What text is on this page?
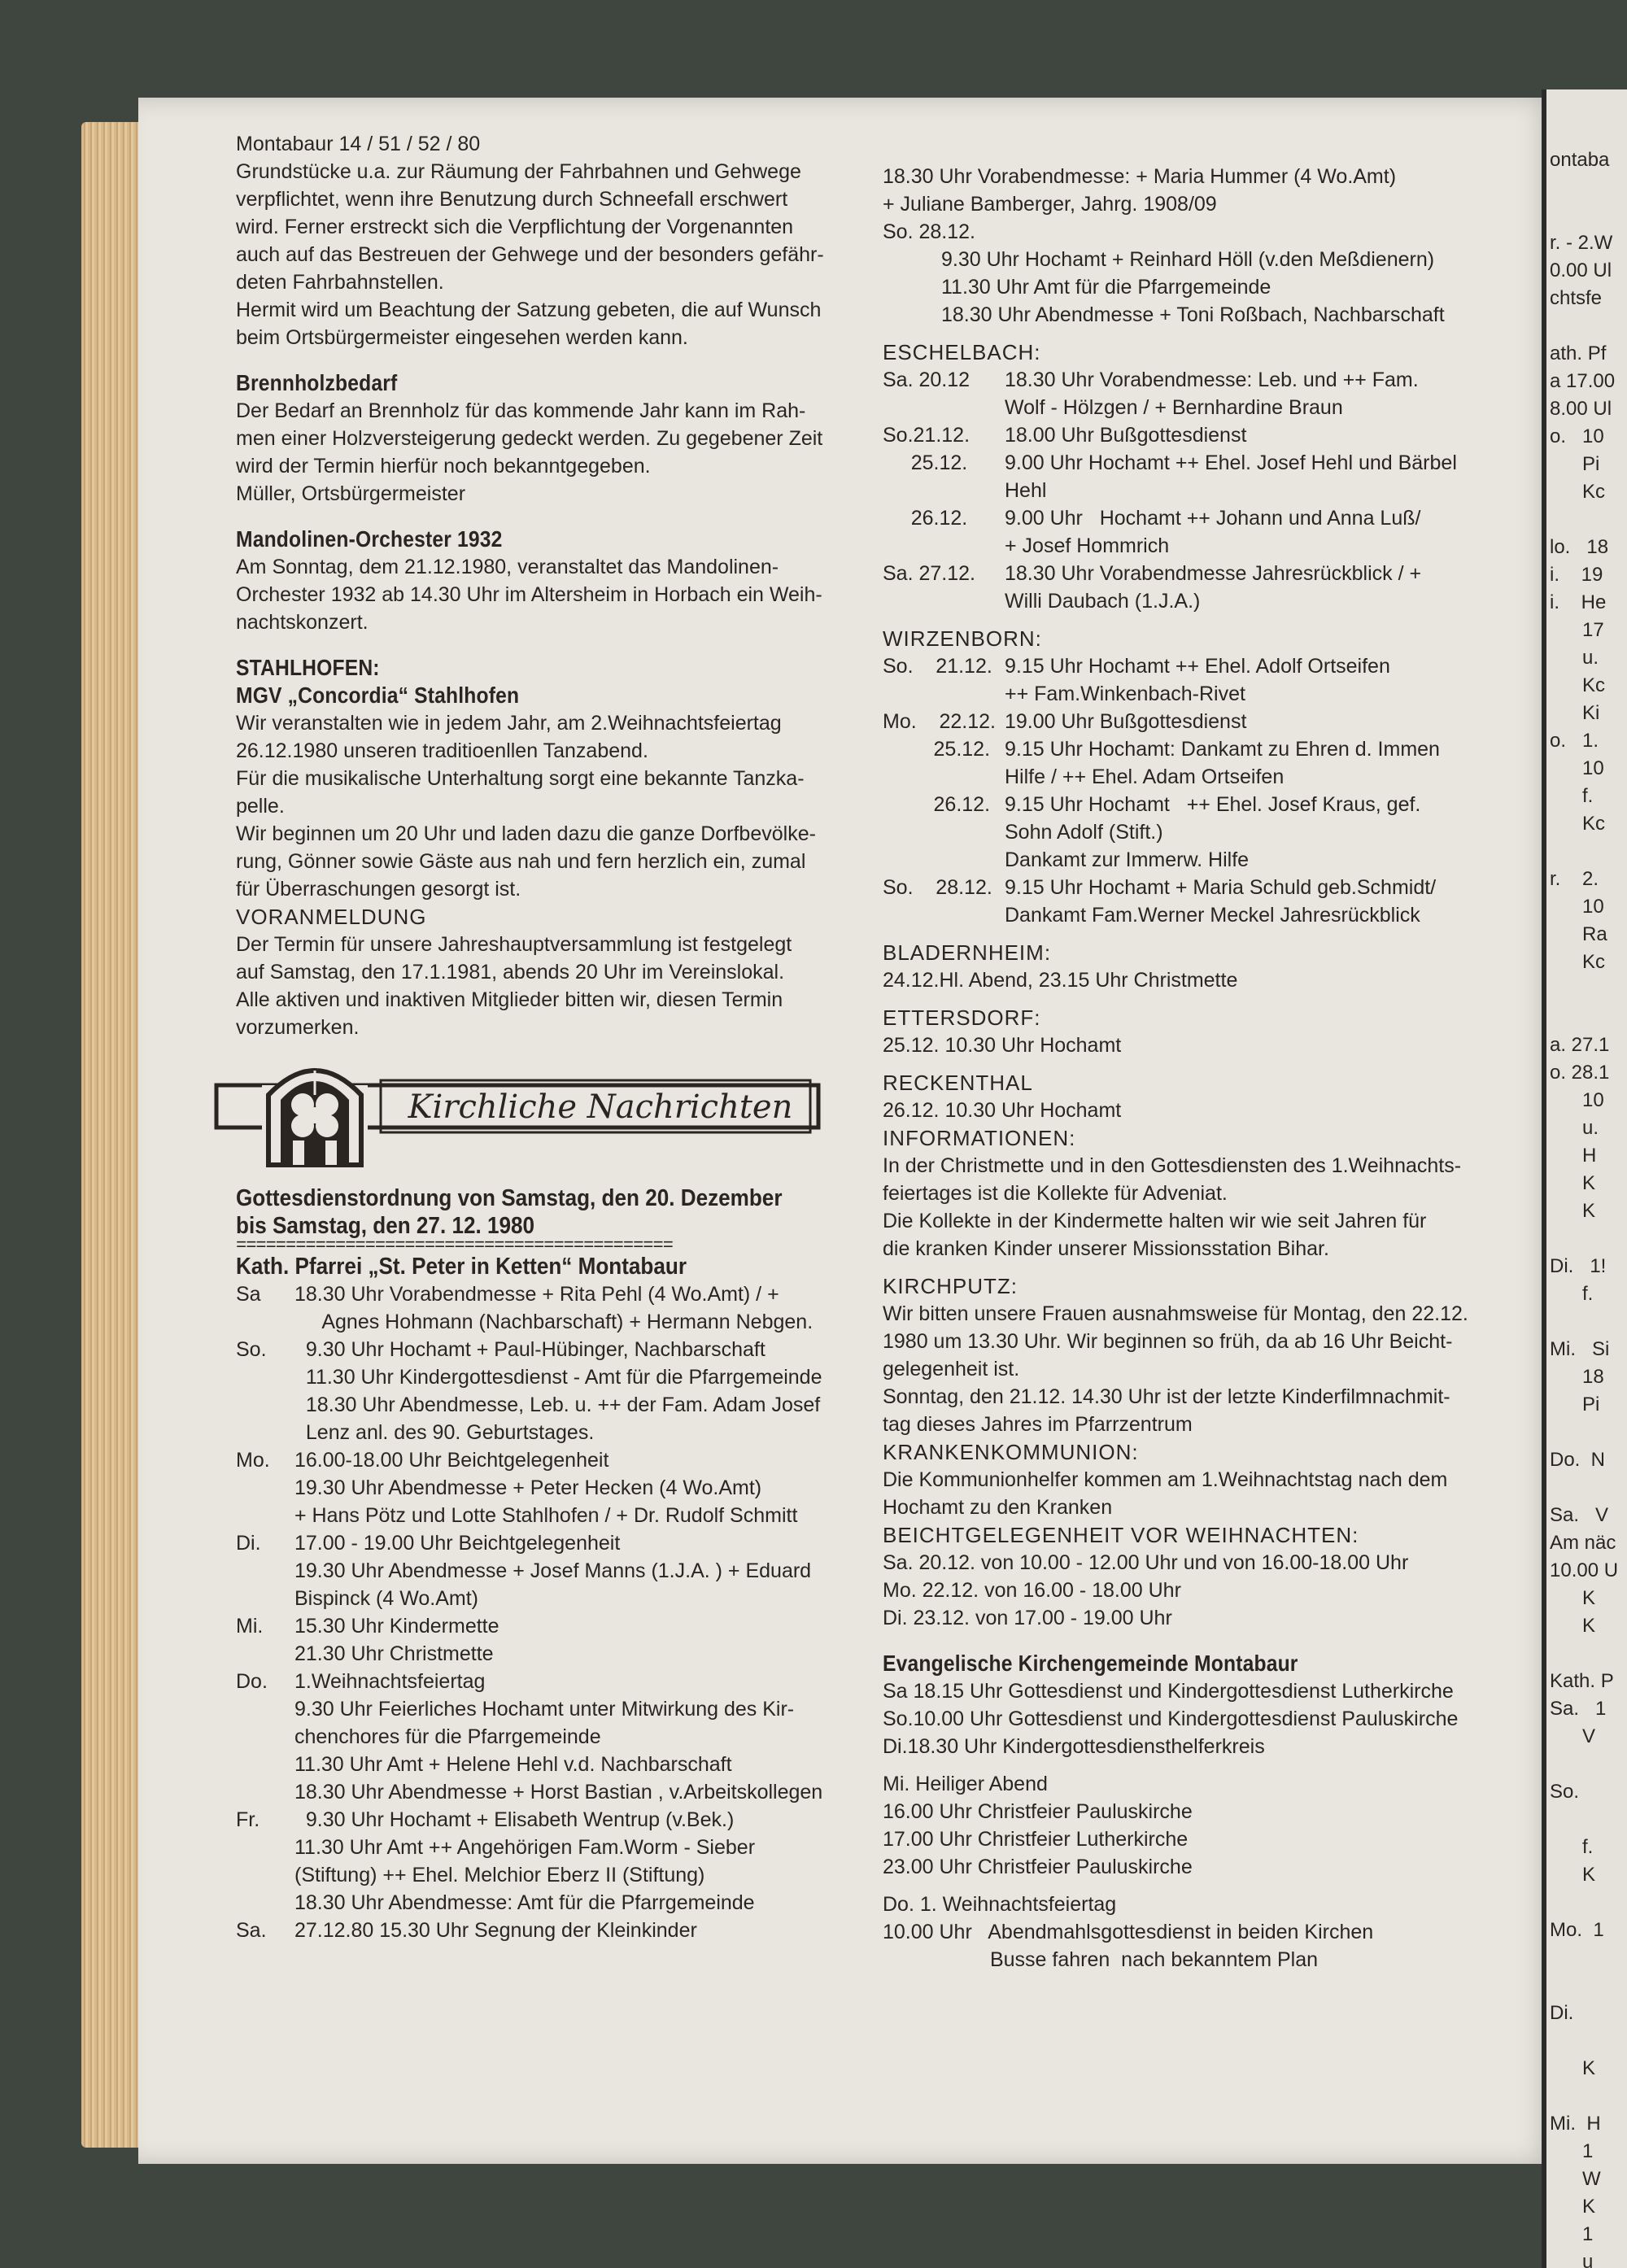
Montabaur 14 / 51 / 52 / 80

Grundstücke u.a. zur Räumung der Fahrbahnen und Gehwege

verpflichtet, wenn ihre Benutzung durch Schneefall erschwert

wird. Ferner erstreckt sich die Verpflichtung der Vorgenannten

auch auf das Bestreuen der Gehwege und der besonders gefähr-

deten Fahrbahnstellen.

Hermit wird um Beachtung der Satzung gebeten, die auf Wunsch

beim Ortsbürgermeister eingesehen werden kann.

Brennholzbedarf

Der Bedarf an Brennholz für das kommende Jahr kann im Rah-

men einer Holzversteigerung gedeckt werden. Zu gegebener Zeit

wird der Termin hierfür noch bekanntgegeben.

Müller, Ortsbürgermeister

Mandolinen-Orchester 1932

Am Sonntag, dem 21.12.1980, veranstaltet das Mandolinen-

Orchester 1932 ab 14.30 Uhr im Altersheim in Horbach ein Weih-

nachtskonzert.

STAHLHOFEN:
MGV „Concordia“ Stahlhofen

Wir veranstalten wie in jedem Jahr, am 2.Weihnachtsfeiertag

26.12.1980 unseren traditioenllen Tanzabend.

Für die musikalische Unterhaltung sorgt eine bekannte Tanzka-

pelle.

Wir beginnen um 20 Uhr und laden dazu die ganze Dorfbevölke-

rung, Gönner sowie Gäste aus nah und fern herzlich ein, zumal

für Überraschungen gesorgt ist.

VORANMELDUNG

Der Termin für unsere Jahreshauptversammlung ist festgelegt

auf Samstag, den 17.1.1981, abends 20 Uhr im Vereinslokal.

Alle aktiven und inaktiven Mitglieder bitten wir, diesen Termin

vorzumerken.

Kirchliche Nachrichten
Gottesdienstordnung von Samstag, den 20. Dezember
bis Samstag, den 27. 12. 1980
============================================
Kath. Pfarrei „St. Peter in Ketten“ Montabaur
Sa	18.30 Uhr Vorabendmesse + Rita Pehl (4 Wo.Amt) / +
Agnes Hohmann (Nachbarschaft) + Hermann Nebgen.
So.	9.30 Uhr Hochamt + Paul-Hübinger, Nachbarschaft
11.30 Uhr Kindergottesdienst - Amt für die Pfarrgemeinde
18.30 Uhr Abendmesse, Leb. u. ++ der Fam. Adam Josef
Lenz anl. des 90. Geburtstages.
Mo.	16.00-18.00 Uhr Beichtgelegenheit
19.30 Uhr Abendmesse + Peter Hecken (4 Wo.Amt)
+ Hans Pötz und Lotte Stahlhofen / + Dr. Rudolf Schmitt
Di.	17.00 - 19.00 Uhr Beichtgelegenheit
19.30 Uhr Abendmesse + Josef Manns (1.J.A. ) + Eduard
Bispinck (4 Wo.Amt)
Mi.	15.30 Uhr Kindermette
21.30 Uhr Christmette
Do.	1.Weihnachtsfeiertag
9.30 Uhr Feierliches Hochamt unter Mitwirkung des Kir-
chenchores für die Pfarrgemeinde
11.30 Uhr Amt + Helene Hehl v.d. Nachbarschaft
18.30 Uhr Abendmesse + Horst Bastian , v.Arbeitskollegen
Fr.	9.30 Uhr Hochamt + Elisabeth Wentrup (v.Bek.)
11.30 Uhr Amt ++ Angehörigen Fam.Worm - Sieber
(Stiftung) ++ Ehel. Melchior Eberz II (Stiftung)
18.30 Uhr Abendmesse: Amt für die Pfarrgemeinde
Sa.	27.12.80 15.30 Uhr Segnung der Kleinkinder

18.30 Uhr Vorabendmesse: + Maria Hummer (4 Wo.Amt)

+ Juliane Bamberger, Jahrg. 1908/09

So. 28.12.

9.30 Uhr Hochamt + Reinhard Höll (v.den Meßdienern)

11.30 Uhr Amt für die Pfarrgemeinde

18.30 Uhr Abendmesse + Toni Roßbach, Nachbarschaft

ESCHELBACH:

Sa. 20.12	18.30 Uhr Vorabendmesse: Leb. und ++ Fam.
Wolf - Hölzgen / + Bernhardine Braun
So.21.12.	18.00 Uhr Bußgottesdienst
25.12.	9.00 Uhr Hochamt ++ Ehel. Josef Hehl und Bärbel
Hehl
26.12.	9.00 Uhr   Hochamt ++ Johann und Anna Luß/
+ Josef Hommrich
Sa. 27.12.	18.30 Uhr Vorabendmesse Jahresrückblick / +
Willi Daubach (1.J.A.)

WIRZENBORN:

So.    21.12. 9.15 Uhr Hochamt ++ Ehel. Adolf Ortseifen
++ Fam.Winkenbach-Rivet
Mo.    22.12. 19.00 Uhr Bußgottesdienst
25.12. 9.15 Uhr Hochamt: Dankamt zu Ehren d. Immen
Hilfe / ++ Ehel. Adam Ortseifen
26.12. 9.15 Uhr Hochamt   ++ Ehel. Josef Kraus, gef.
Sohn Adolf (Stift.)
Dankamt zur Immerw. Hilfe
So.    28.12. 9.15 Uhr Hochamt + Maria Schuld geb.Schmidt/
Dankamt Fam.Werner Meckel Jahresrückblick

BLADERNHEIM:

24.12.Hl. Abend, 23.15 Uhr Christmette

ETTERSDORF:

25.12. 10.30 Uhr Hochamt

RECKENTHAL

26.12. 10.30 Uhr Hochamt

INFORMATIONEN:

In der Christmette und in den Gottesdiensten des 1.Weihnachts-

feiertages ist die Kollekte für Adveniat.

Die Kollekte in der Kindermette halten wir wie seit Jahren für

die kranken Kinder unserer Missionsstation Bihar.

KIRCHPUTZ:

Wir bitten unsere Frauen ausnahmsweise für Montag, den 22.12.

1980 um 13.30 Uhr. Wir beginnen so früh, da ab 16 Uhr Beicht-

gelegenheit ist.

Sonntag, den 21.12. 14.30 Uhr ist der letzte Kinderfilmnachmit-

tag dieses Jahres im Pfarrzentrum

KRANKENKOMMUNION:

Die Kommunionhelfer kommen am 1.Weihnachtstag nach dem

Hochamt zu den Kranken

BEICHTGELEGENHEIT VOR WEIHNACHTEN:

Sa. 20.12. von 10.00 - 12.00 Uhr und von 16.00-18.00 Uhr

Mo. 22.12. von 16.00 - 18.00 Uhr

Di. 23.12. von 17.00 - 19.00 Uhr

Evangelische Kirchengemeinde Montabaur

Sa 18.15 Uhr Gottesdienst und Kindergottesdienst Lutherkirche

So.10.00 Uhr Gottesdienst und Kindergottesdienst Pauluskirche

Di.18.30 Uhr Kindergottesdiensthelferkreis

Mi. Heiliger Abend

16.00 Uhr Christfeier Pauluskirche

17.00 Uhr Christfeier Lutherkirche

23.00 Uhr Christfeier Pauluskirche

Do. 1. Weihnachtsfeiertag

10.00 Uhr   Abendmahlsgottesdienst in beiden Kirchen

Busse fahren  nach bekanntem Plan

ontaba

r. - 2.W
0.00 Ul
chtsfe

ath. Pf
a 17.00
8.00 Ul
o.   10
Pi
Kc

lo.   18
i.    19
i.    He
17
u.
Kc
Ki
o.   1.
10
f.
Kc

r.    2.
10
Ra
Kc

a. 27.1
o. 28.1
10
u.
H
K
K

Di.   1!
f.

Mi.   Si
18
Pi

Do.  N

Sa.   V
Am näc
10.00 U
K
K

Kath. P
Sa.   1
V

So.

f.
K

Mo.  1

Di.

K

Mi.  H
1
W
K
1
u
